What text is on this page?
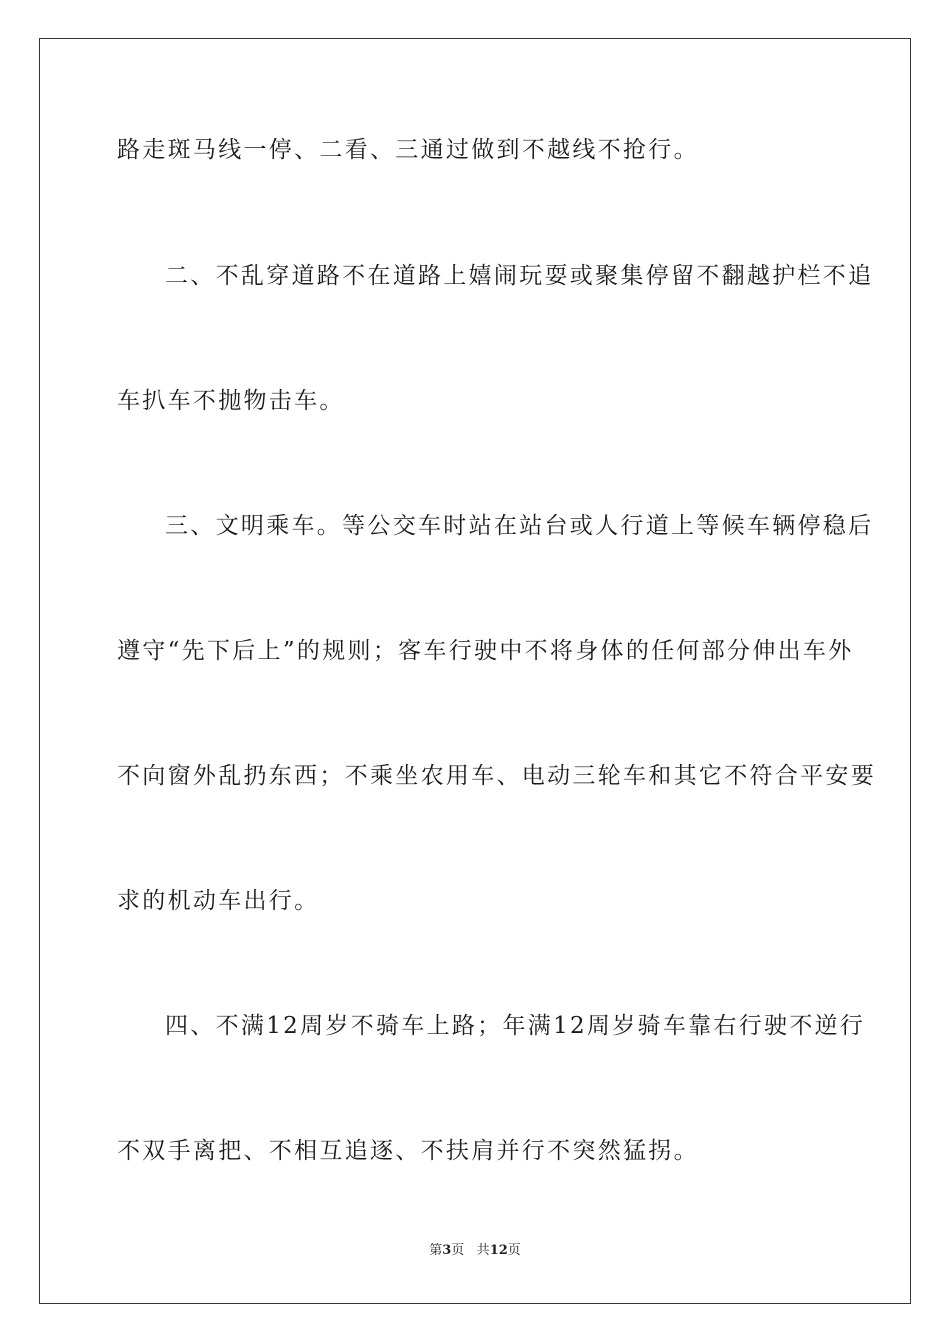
路走斑马线一停、二看、三通过做到不越线不抢行。
二、不乱穿道路不在道路上嬉闹玩耍或聚集停留不翻越护栏不追
车扒车不抛物击车。
三、文明乘车。等公交车时站在站台或人行道上等候车辆停稳后
遵守“先下后上”的规则；客车行驶中不将身体的任何部分伸出车外
不向窗外乱扔东西；不乘坐农用车、电动三轮车和其它不符合平安要
求的机动车出行。
四、不满12周岁不骑车上路；年满12周岁骑车靠右行驶不逆行
不双手离把、不相互追逐、不扶肩并行不突然猛拐。
第3页 共12页
